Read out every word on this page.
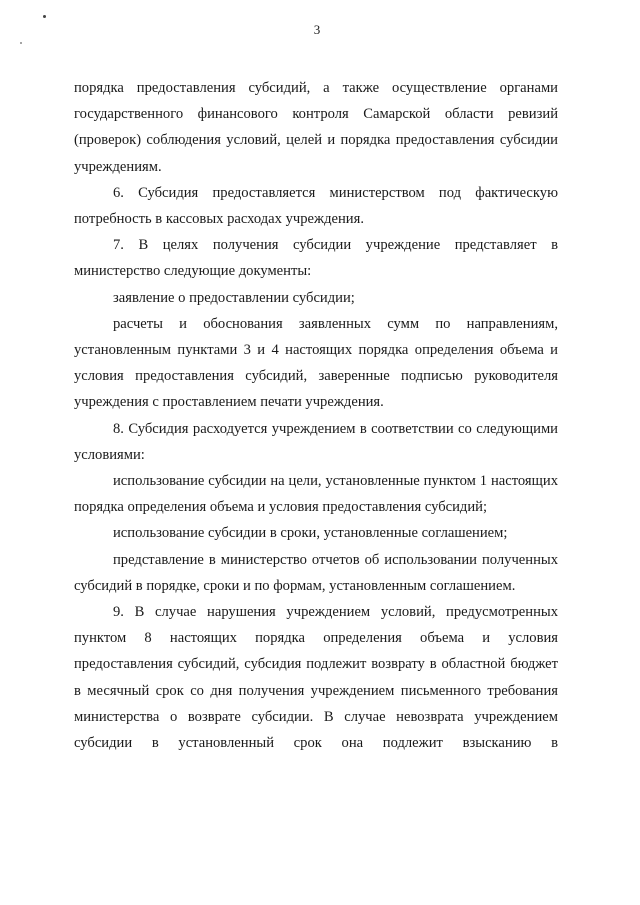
3

порядка предоставления субсидий, а также осуществление органами государственного финансового контроля Самарской области ревизий (проверок) соблюдения условий, целей и порядка предоставления субсидии учреждениям.

6. Субсидия предоставляется министерством под фактическую потребность в кассовых расходах учреждения.

7. В целях получения субсидии учреждение представляет в министерство следующие документы:

заявление о предоставлении субсидии;

расчеты и обоснования заявленных сумм по направлениям, установленным пунктами 3 и 4 настоящих порядка определения объема и условия предоставления субсидий, заверенные подписью руководителя учреждения с проставлением печати учреждения.

8. Субсидия расходуется учреждением в соответствии со следующими условиями:

использование субсидии на цели, установленные пунктом 1 настоящих порядка определения объема и условия предоставления субсидий;

использование субсидии в сроки, установленные соглашением;

представление в министерство отчетов об использовании полученных субсидий в порядке, сроки и по формам, установленным соглашением.

9. В случае нарушения учреждением условий, предусмотренных пунктом 8 настоящих порядка определения объема и условия предоставления субсидий, субсидия подлежит возврату в областной бюджет в месячный срок со дня получения учреждением письменного требования министерства о возврате субсидии. В случае невозврата учреждением субсидии в установленный срок она подлежит взысканию в
